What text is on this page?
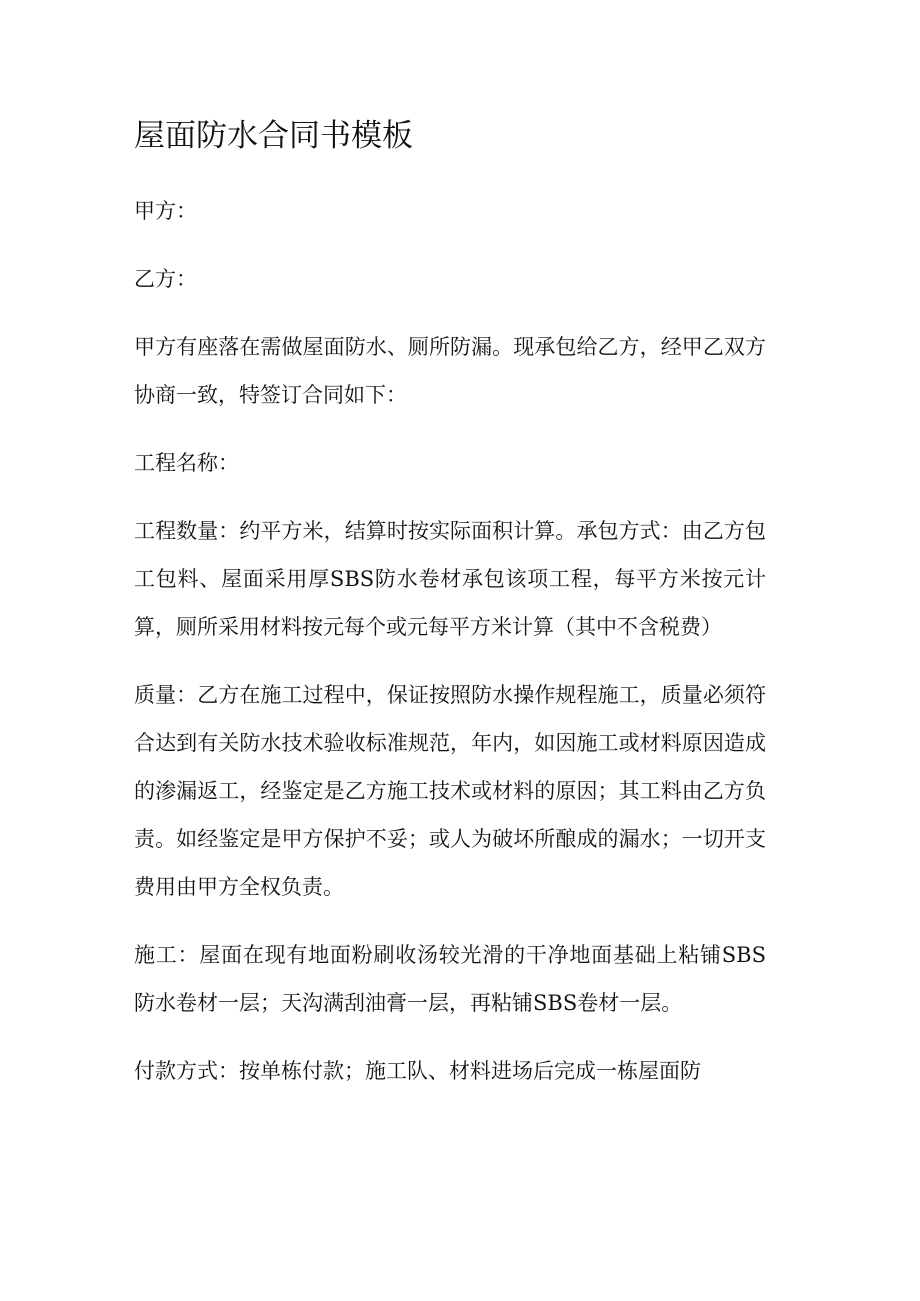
屋面防水合同书模板

甲方：

乙方：

甲方有座落在需做屋面防水、厕所防漏。现承包给乙方，经甲乙双方协商一致，特签订合同如下：

工程名称：

工程数量：约平方米，结算时按实际面积计算。承包方式：由乙方包工包料、屋面采用厚SBS防水卷材承包该项工程，每平方米按元计算，厕所采用材料按元每个或元每平方米计算（其中不含税费）

质量：乙方在施工过程中，保证按照防水操作规程施工，质量必须符合达到有关防水技术验收标准规范，年内，如因施工或材料原因造成的渗漏返工，经鉴定是乙方施工技术或材料的原因；其工料由乙方负责。如经鉴定是甲方保护不妥；或人为破坏所酿成的漏水；一切开支费用由甲方全权负责。

施工：屋面在现有地面粉刷收汤较光滑的干净地面基础上粘铺SBS防水卷材一层；天沟满刮油膏一层，再粘铺SBS卷材一层。

付款方式：按单栋付款；施工队、材料进场后完成一栋屋面防
